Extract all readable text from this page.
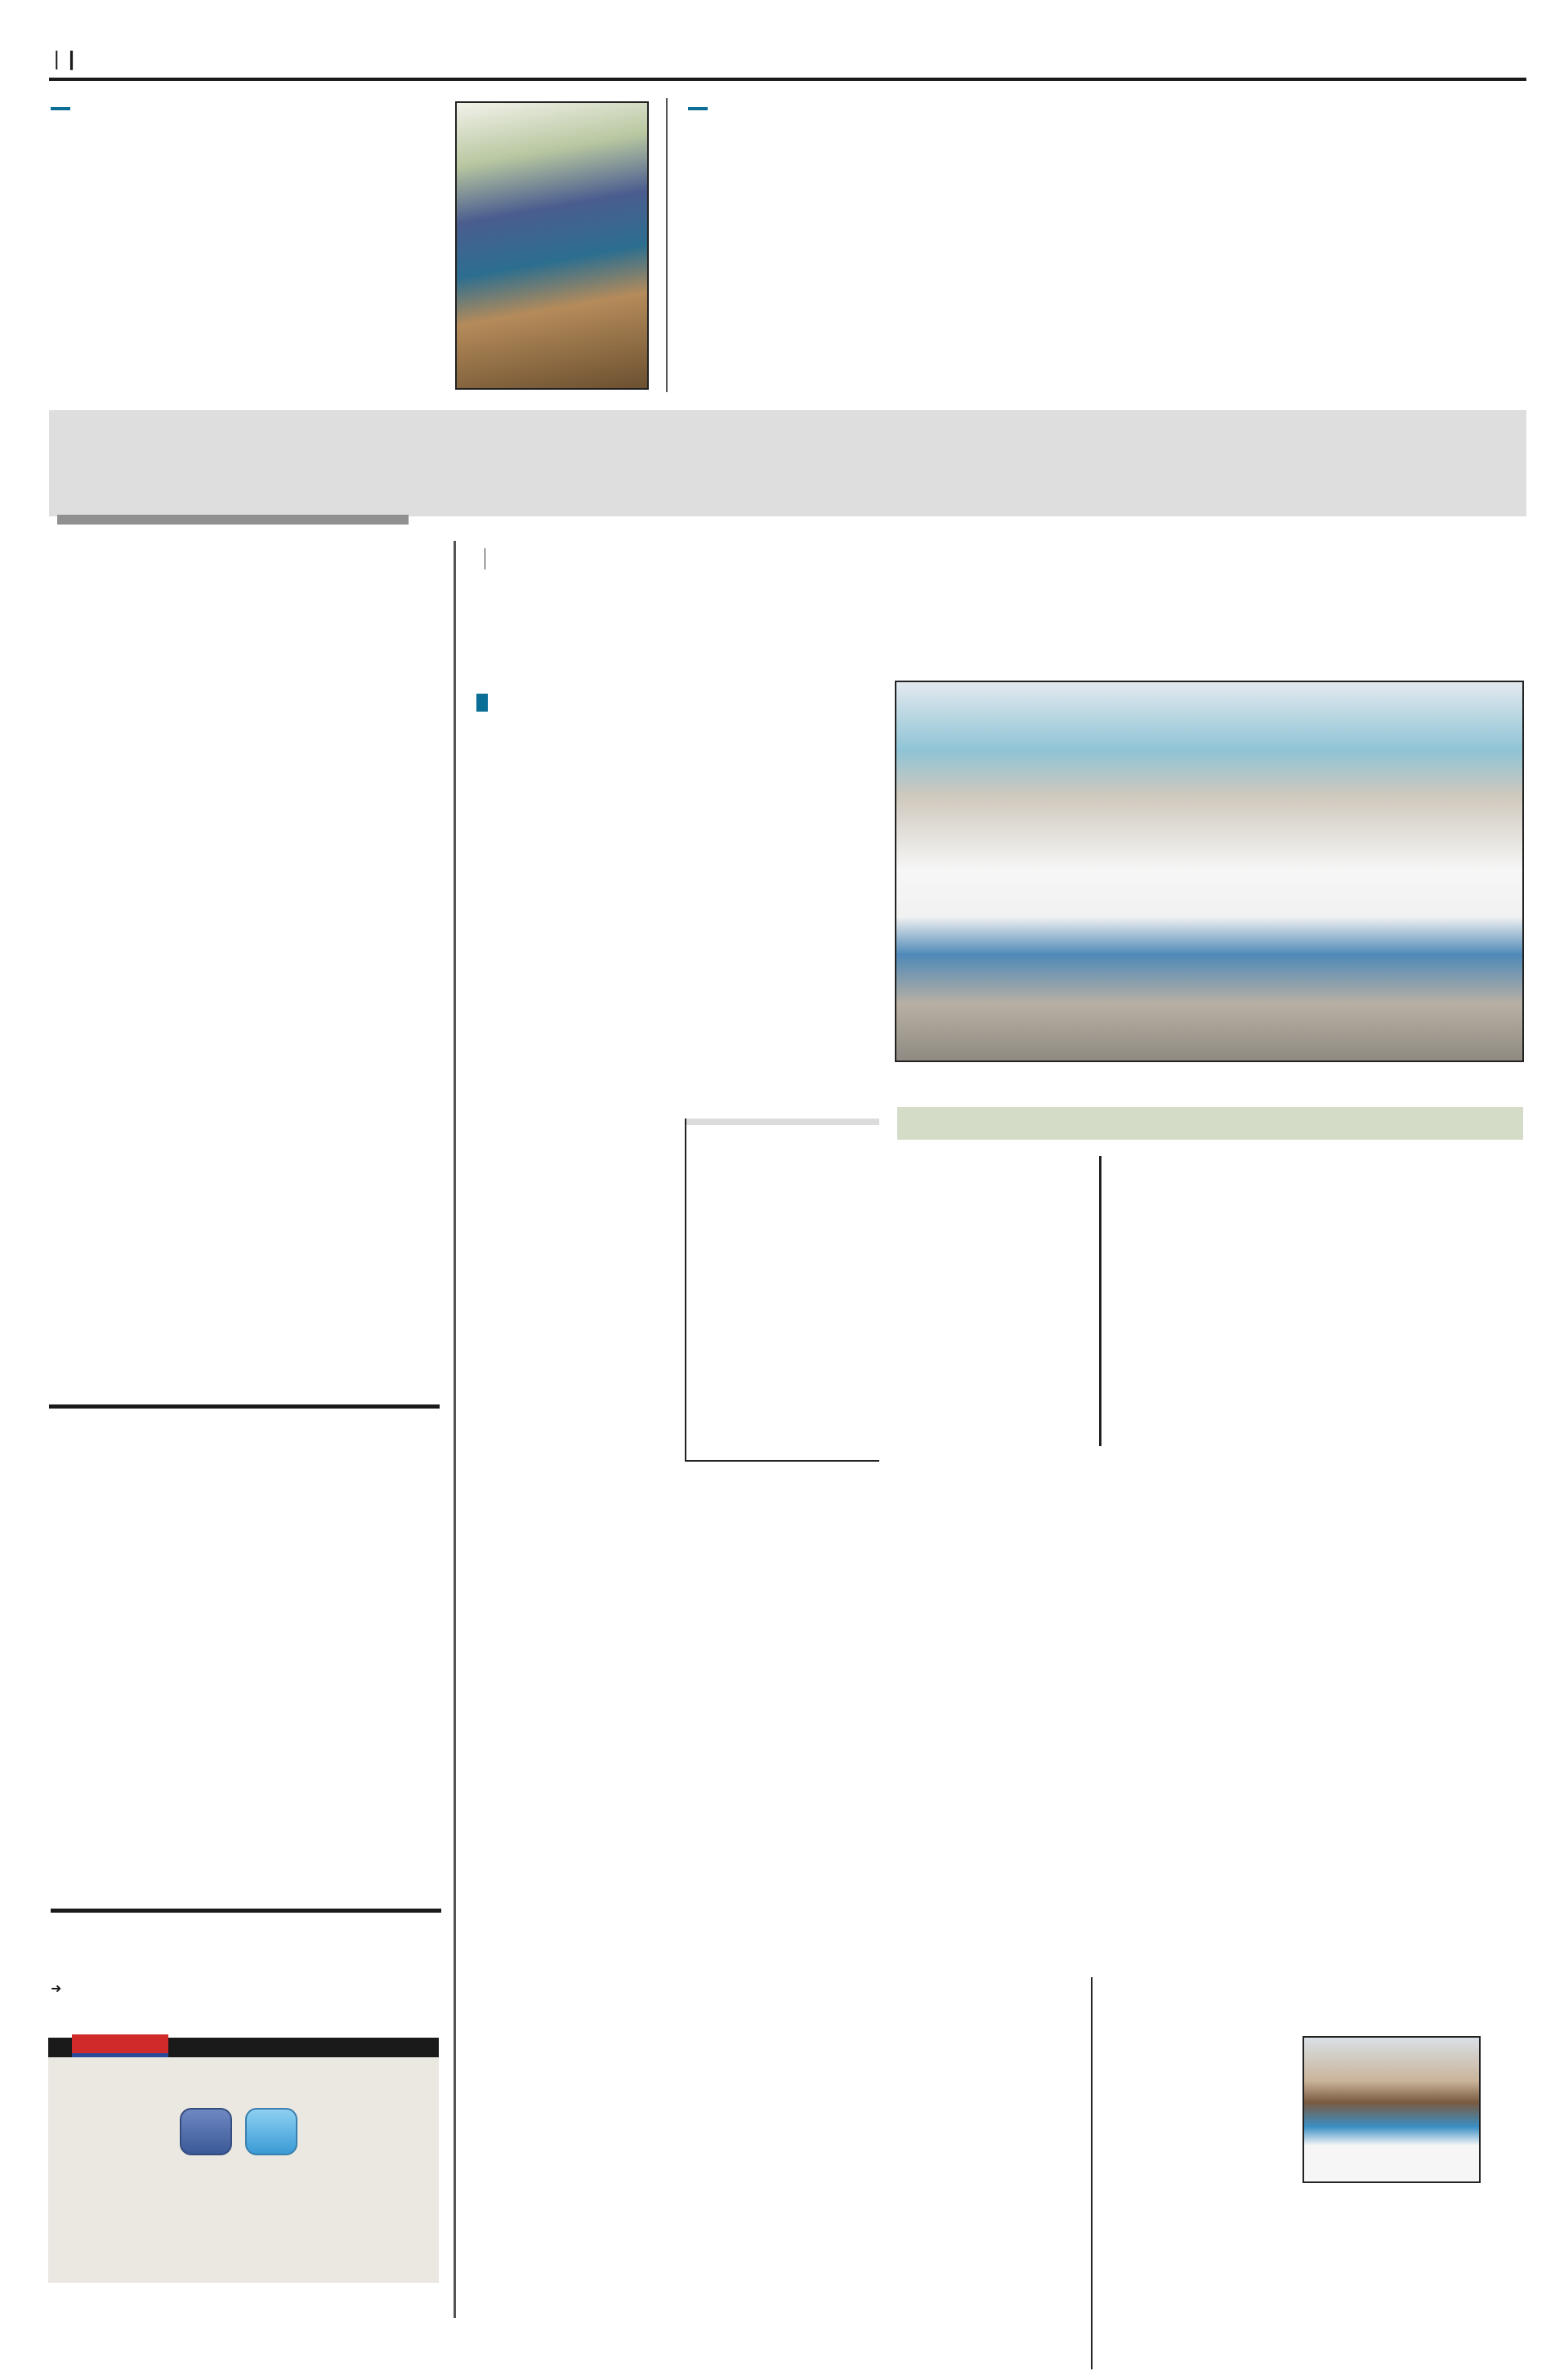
| |
➜
